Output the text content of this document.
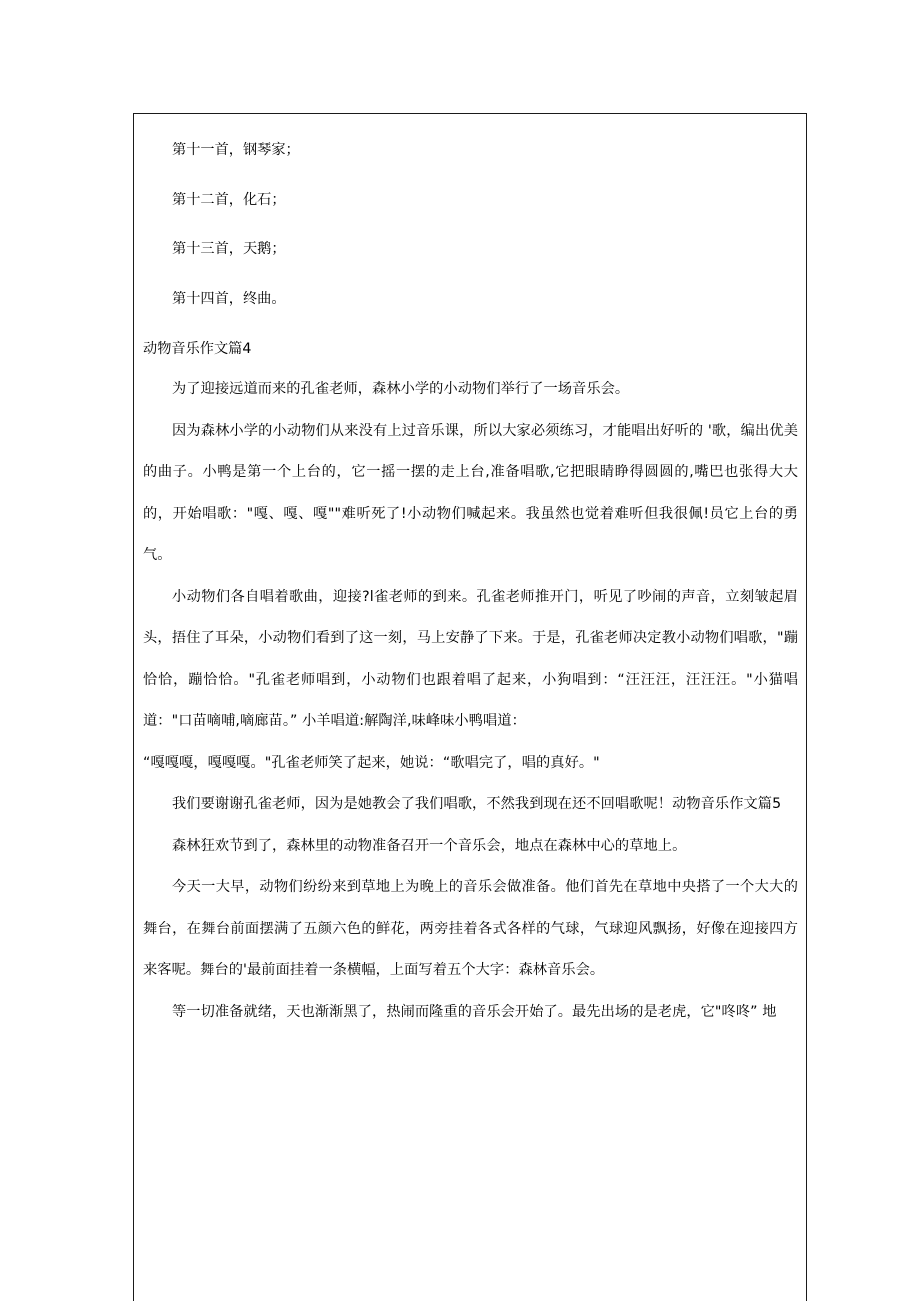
第十一首，钢琴家；

第十二首，化石；

第十三首，天鹅；

第十四首，终曲。

动物音乐作文篇4

为了迎接远道而来的孔雀老师，森林小学的小动物们举行了一场音乐会。

因为森林小学的小动物们从来没有上过音乐课，所以大家必须练习，才能唱出好听的 '歌，编出优美的曲子。小鸭是第一个上台的，它一摇一摆的走上台,准备唱歌,它把眼睛睁得圆圆的,嘴巴也张得大大的，开始唱歌："嘎、嘎、嘎""难听死了!小动物们喊起来。我虽然也觉着难听但我很佩!员它上台的勇气。

小动物们各自唱着歌曲，迎接?l雀老师的到来。孔雀老师推开门，听见了吵闹的声音，立刻皱起眉头，捂住了耳朵，小动物们看到了这一刻，马上安静了下来。于是，孔雀老师决定教小动物们唱歌，"蹦恰恰，蹦恰恰。"孔雀老师唱到，小动物们也跟着唱了起来，小狗唱到：“汪汪汪，汪汪汪。"小猫唱道："口苗嘀哺,嘀廊苗。” 小羊唱道:解陶洋,味峰味小鸭唱道：

“嘎嘎嘎，嘎嘎嘎。"孔雀老师笑了起来，她说：“歌唱完了，唱的真好。"

我们要谢谢孔雀老师，因为是她教会了我们唱歌，不然我到现在还不回唱歌呢！动物音乐作文篇5

森林狂欢节到了，森林里的动物准备召开一个音乐会，地点在森林中心的草地上。

今天一大早，动物们纷纷来到草地上为晚上的音乐会做准备。他们首先在草地中央搭了一个大大的舞台，在舞台前面摆满了五颜六色的鲜花，两旁挂着各式各样的气球，气球迎风飘扬，好像在迎接四方来客呢。舞台的'最前面挂着一条横幅，上面写着五个大字：森林音乐会。

等一切准备就绪，天也渐渐黑了，热闹而隆重的音乐会开始了。最先出场的是老虎，它"咚咚” 地
